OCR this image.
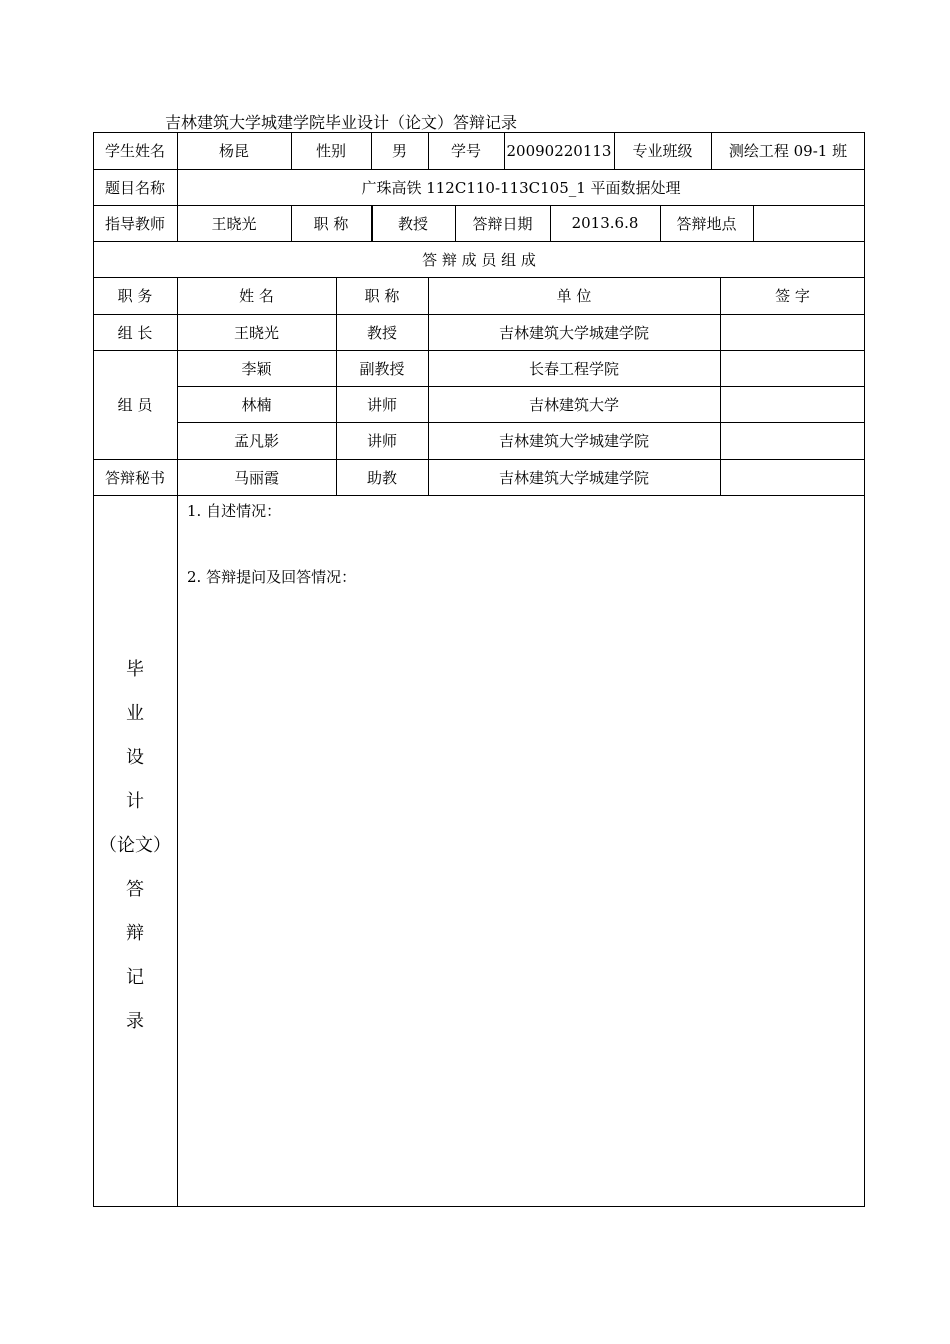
吉林建筑大学城建学院毕业设计（论文）答辩记录
学生姓名	杨昆	性别	男	学号	20090220113	专业班级	测绘工程 09-1 班
题目名称	广珠高铁 112C110-113C105_1 平面数据处理
指导教师	王晓光	职 称	教授	答辩日期	2013.6.8	答辩地点
答 辩 成 员 组 成
职 务	姓 名	职 称	单 位	签 字
组 长	王晓光	教授	吉林建筑大学城建学院
组 员
李颖	副教授	长春工程学院
林楠	讲师	吉林建筑大学
孟凡影	讲师	吉林建筑大学城建学院
答辩秘书	马丽霞	助教	吉林建筑大学城建学院
毕
业
设
计
（论文）
答
辩
记
录
1. 自述情况：
2. 答辩提问及回答情况：
